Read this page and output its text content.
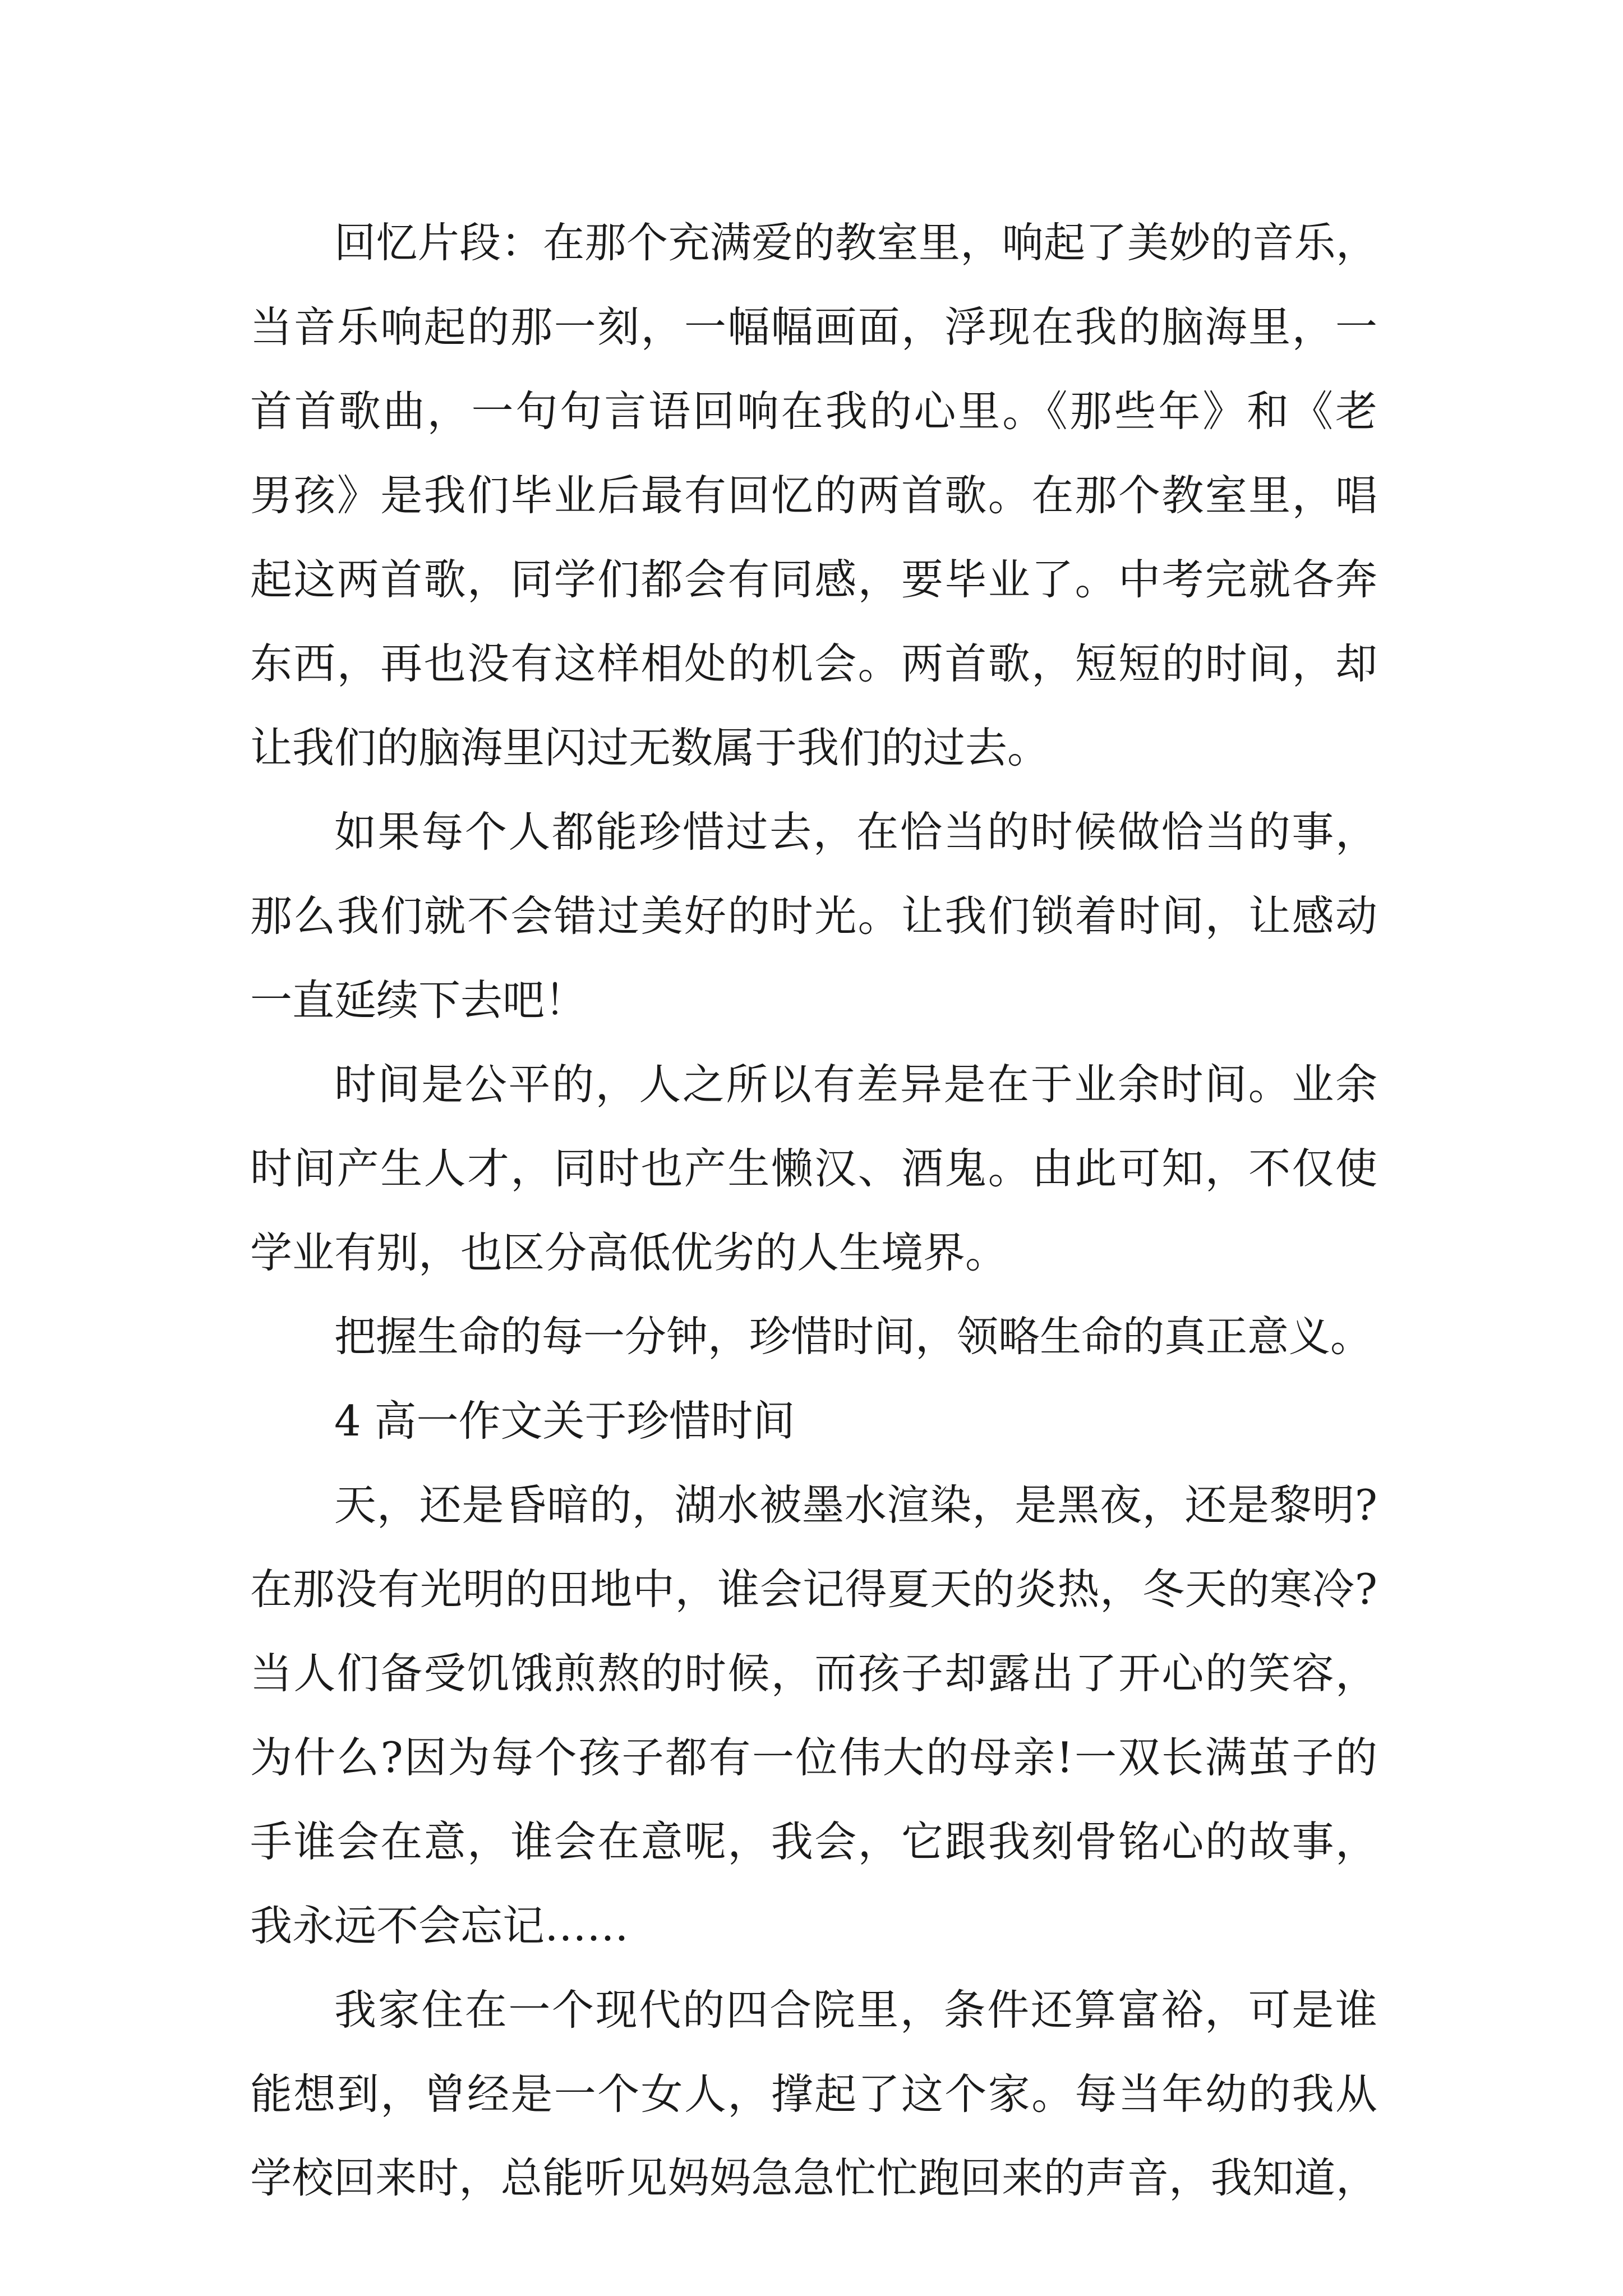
回忆片段：在那个充满爱的教室里，响起了美妙的音乐，
当音乐响起的那一刻，一幅幅画面，浮现在我的脑海里，一
首首歌曲，一句句言语回响在我的心里。《那些年》和《老
男孩》是我们毕业后最有回忆的两首歌。在那个教室里，唱
起这两首歌，同学们都会有同感，要毕业了。中考完就各奔
东西，再也没有这样相处的机会。两首歌，短短的时间，却
让我们的脑海里闪过无数属于我们的过去。
如果每个人都能珍惜过去，在恰当的时候做恰当的事，
那么我们就不会错过美好的时光。让我们锁着时间，让感动
一直延续下去吧！
时间是公平的，人之所以有差异是在于业余时间。业余
时间产生人才，同时也产生懒汉、酒鬼。由此可知，不仅使
学业有别，也区分高低优劣的人生境界。
把握生命的每一分钟，珍惜时间，领略生命的真正意义。
4 高一作文关于珍惜时间
天，还是昏暗的，湖水被墨水渲染，是黑夜，还是黎明?
在那没有光明的田地中，谁会记得夏天的炎热，冬天的寒冷?
当人们备受饥饿煎熬的时候，而孩子却露出了开心的笑容，
为什么?因为每个孩子都有一位伟大的母亲!一双长满茧子的
手谁会在意，谁会在意呢，我会，它跟我刻骨铭心的故事，
我永远不会忘记……
我家住在一个现代的四合院里，条件还算富裕，可是谁
能想到，曾经是一个女人，撑起了这个家。每当年幼的我从
学校回来时，总能听见妈妈急急忙忙跑回来的声音，我知道，
